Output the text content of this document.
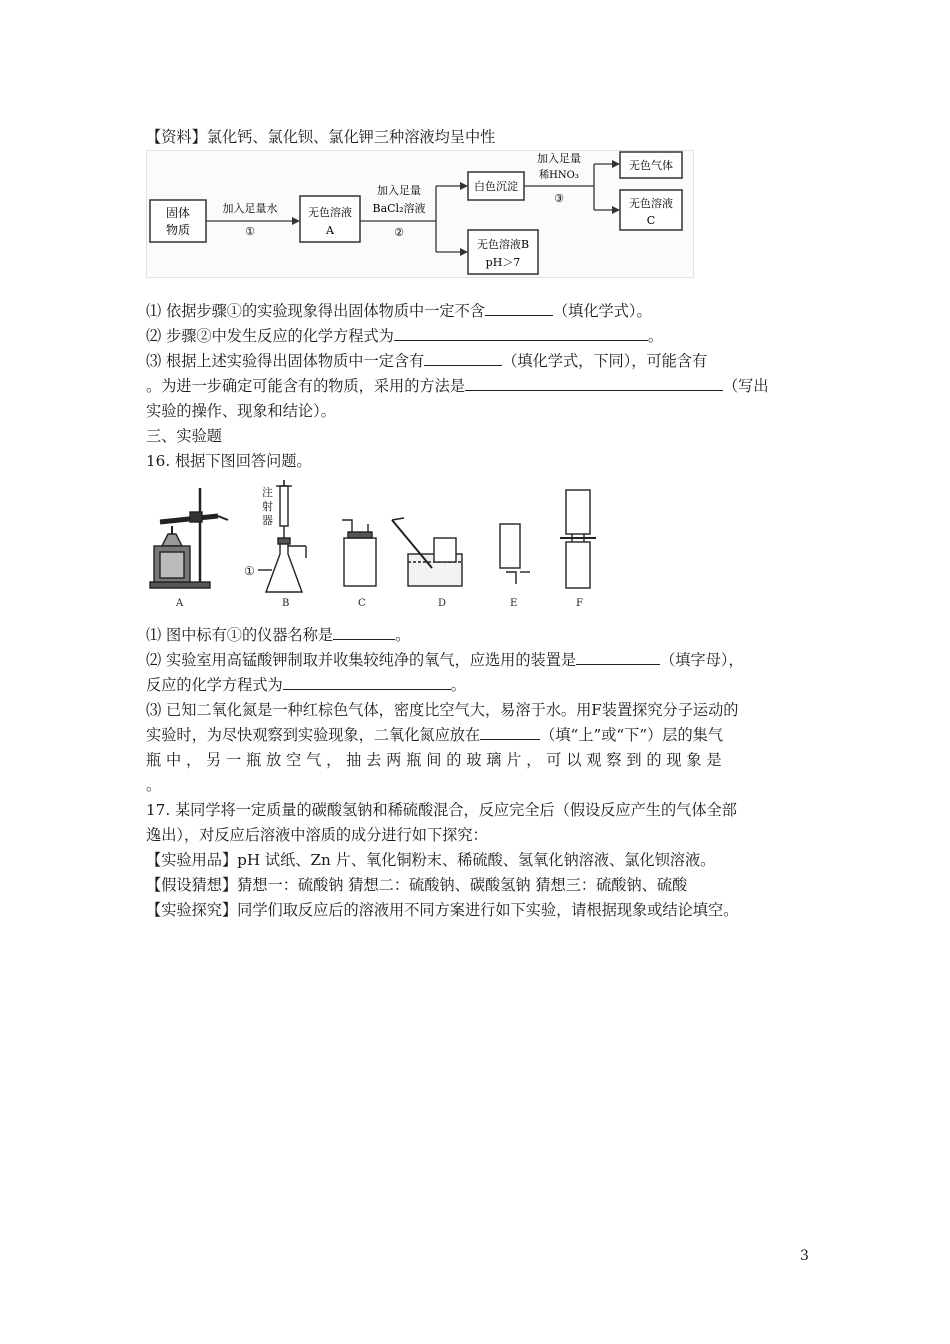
【资料】氯化钙、氯化钡、氯化钾三种溶液均呈中性
固体
物质
加入足量水
①
无色溶液
A
加入足量
BaCl₂溶液
②
白色沉淀
无色溶液B
pH＞7
加入足量
稀HNO₃
③
无色气体
无色溶液
C
⑴ 依据步骤①的实验现象得出固体物质中一定不含	（填化学式）。
⑵ 步骤②中发生反应的化学方程式为	。
⑶ 根据上述实验得出固体物质中一定含有	（填化学式，下同），可能含有
。为进一步确定可能含有的物质，采用的方法是	（写出
实验的操作、现象和结论）。
三、实验题
16. 根据下图回答问题。
注
射
器
①
A	B	C	D	E	F
⑴ 图中标有①的仪器名称是	。
⑵ 实验室用高锰酸钾制取并收集较纯净的氧气，应选用的装置是	（填字母），
反应的化学方程式为	。
⑶ 已知二氧化氮是一种红棕色气体，密度比空气大，易溶于水。用F装置探究分子运动的
实验时，为尽快观察到实验现象，二氧化氮应放在	（填“上”或“下”）层的集气
瓶 中 ， 另 一 瓶 放 空 气 ， 抽 去 两 瓶 间 的 玻 璃 片 ， 可 以 观 察 到 的 现 象 是
。
17. 某同学将一定质量的碳酸氢钠和稀硫酸混合，反应完全后（假设反应产生的气体全部
逸出），对反应后溶液中溶质的成分进行如下探究：
【实验用品】pH 试纸、Zn 片、氧化铜粉末、稀硫酸、氢氧化钠溶液、氯化钡溶液。
【假设猜想】猜想一：硫酸钠 猜想二：硫酸钠、碳酸氢钠 猜想三：硫酸钠、硫酸
【实验探究】同学们取反应后的溶液用不同方案进行如下实验，请根据现象或结论填空。
3
